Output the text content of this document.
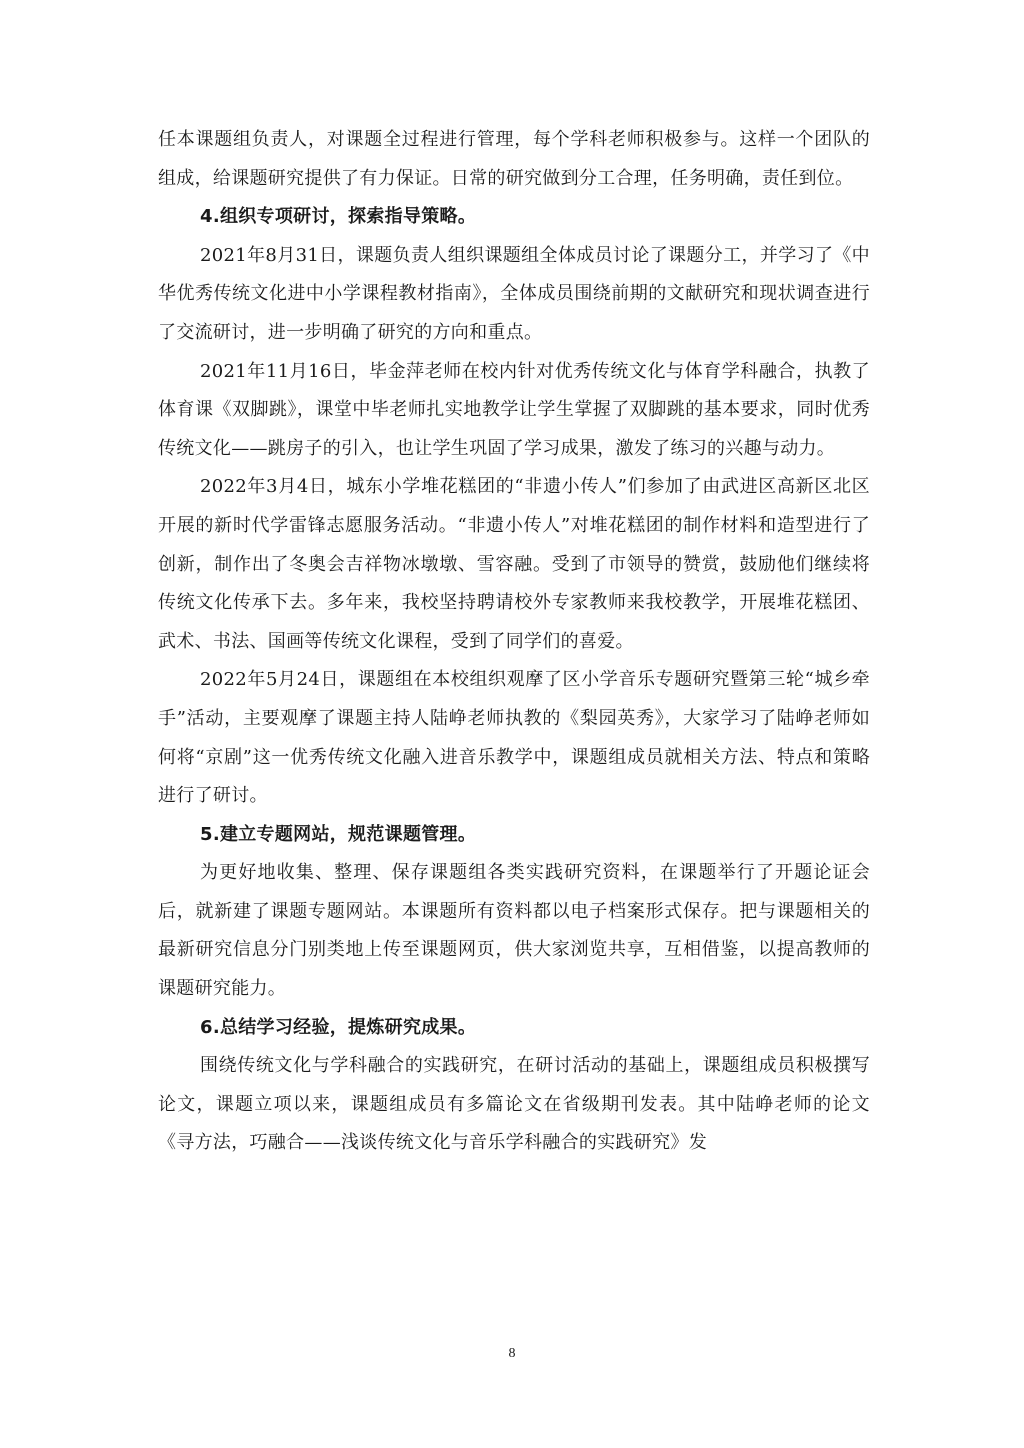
任本课题组负责人，对课题全过程进行管理，每个学科老师积极参与。这样一个团队的组成，给课题研究提供了有力保证。日常的研究做到分工合理，任务明确，责任到位。

4.组织专项研讨，探索指导策略。

2021年8月31日，课题负责人组织课题组全体成员讨论了课题分工，并学习了《中华优秀传统文化进中小学课程教材指南》，全体成员围绕前期的文献研究和现状调查进行了交流研讨，进一步明确了研究的方向和重点。

2021年11月16日，毕金萍老师在校内针对优秀传统文化与体育学科融合，执教了体育课《双脚跳》，课堂中毕老师扎实地教学让学生掌握了双脚跳的基本要求，同时优秀传统文化——跳房子的引入，也让学生巩固了学习成果，激发了练习的兴趣与动力。

2022年3月4日，城东小学堆花糕团的“非遗小传人”们参加了由武进区高新区北区开展的新时代学雷锋志愿服务活动。“非遗小传人”对堆花糕团的制作材料和造型进行了创新，制作出了冬奥会吉祥物冰墩墩、雪容融。受到了市领导的赞赏，鼓励他们继续将传统文化传承下去。多年来，我校坚持聘请校外专家教师来我校教学，开展堆花糕团、武术、书法、国画等传统文化课程，受到了同学们的喜爱。

2022年5月24日，课题组在本校组织观摩了区小学音乐专题研究暨第三轮“城乡牵手”活动，主要观摩了课题主持人陆峥老师执教的《梨园英秀》，大家学习了陆峥老师如何将“京剧”这一优秀传统文化融入进音乐教学中，课题组成员就相关方法、特点和策略进行了研讨。

5.建立专题网站，规范课题管理。

为更好地收集、整理、保存课题组各类实践研究资料，在课题举行了开题论证会后，就新建了课题专题网站。本课题所有资料都以电子档案形式保存。把与课题相关的最新研究信息分门别类地上传至课题网页，供大家浏览共享，互相借鉴，以提高教师的课题研究能力。

6.总结学习经验，提炼研究成果。

围绕传统文化与学科融合的实践研究，在研讨活动的基础上，课题组成员积极撰写论文，课题立项以来，课题组成员有多篇论文在省级期刊发表。其中陆峥老师的论文《寻方法，巧融合——浅谈传统文化与音乐学科融合的实践研究》发

8
